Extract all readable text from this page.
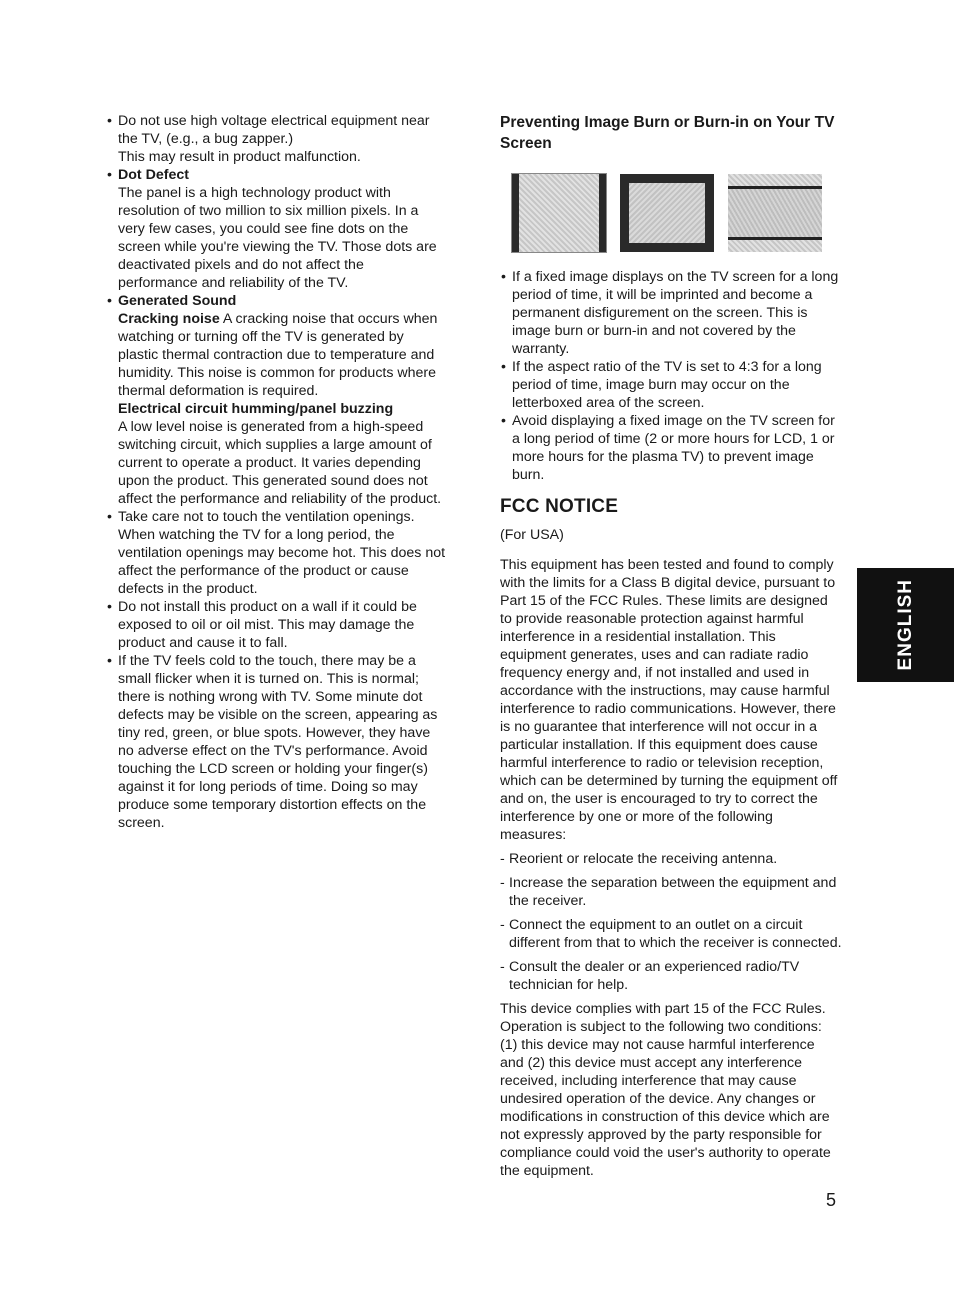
• Do not use high voltage electrical equipment near the TV, (e.g., a bug zapper.)

This may result in product malfunction.

• Dot Defect

The panel is a high technology product with resolution of two million to six million pixels. In a very few cases, you could see fine dots on the screen while you're viewing the TV. Those dots are deactivated pixels and do not affect the performance and reliability of the TV.

• Generated Sound

Cracking noise A cracking noise that occurs when watching or turning off the TV is generated by plastic thermal contraction due to temperature and humidity. This noise is common for products where thermal deformation is required.

Electrical circuit humming/panel buzzing

A low level noise is generated from a high-speed switching circuit, which supplies a large amount of current to operate a product. It varies depending upon the product. This generated sound does not affect the performance and reliability of the product.

• Take care not to touch the ventilation openings. When watching the TV for a long period, the ventilation openings may become hot. This does not affect the performance of the product or cause defects in the product.
• Do not install this product on a wall if it could be exposed to oil or oil mist. This may damage the product and cause it to fall.
• If the TV feels cold to the touch, there may be a small flicker when it is turned on. This is normal; there is nothing wrong with TV. Some minute dot defects may be visible on the screen, appearing as tiny red, green, or blue spots. However, they have no adverse effect on the TV's performance. Avoid touching the LCD screen or holding your finger(s) against it for long periods of time. Doing so may produce some temporary distortion effects on the screen.
Preventing Image Burn or Burn-in on Your TV Screen
• If a fixed image displays on the TV screen for a long period of time, it will be imprinted and become a permanent disfigurement on the screen. This is image burn or burn-in and not covered by the warranty.
• If the aspect ratio of the TV is set to 4:3 for a long period of time, image burn may occur on the letterboxed area of the screen.
• Avoid displaying a fixed image on the TV screen for a long period of time (2 or more hours for LCD, 1 or more hours for the plasma TV) to prevent image burn.
FCC NOTICE

(For USA)

This equipment has been tested and found to comply with the limits for a Class B digital device, pursuant to Part 15 of the FCC Rules. These limits are designed to provide reasonable protection against harmful interference in a residential installation. This equipment generates, uses and can radiate radio frequency energy and, if not installed and used in accordance with the instructions, may cause harmful interference to radio communications. However, there is no guarantee that interference will not occur in a particular installation. If this equipment does cause harmful interference to radio or television reception, which can be determined by turning the equipment off and on, the user is encouraged to try to correct the interference by one or more of the following measures:

- Reorient or relocate the receiving antenna.
- Increase the separation between the equipment and the receiver.
- Connect the equipment to an outlet on a circuit different from that to which the receiver is connected.
- Consult the dealer or an experienced radio/TV technician for help.

This device complies with part 15 of the FCC Rules. Operation is subject to the following two conditions: (1) this device may not cause harmful interference and (2) this device must accept any interference received, including interference that may cause undesired operation of the device. Any changes or modifications in construction of this device which are not expressly approved by the party responsible for compliance could void the user's authority to operate the equipment.

ENGLISH
5
